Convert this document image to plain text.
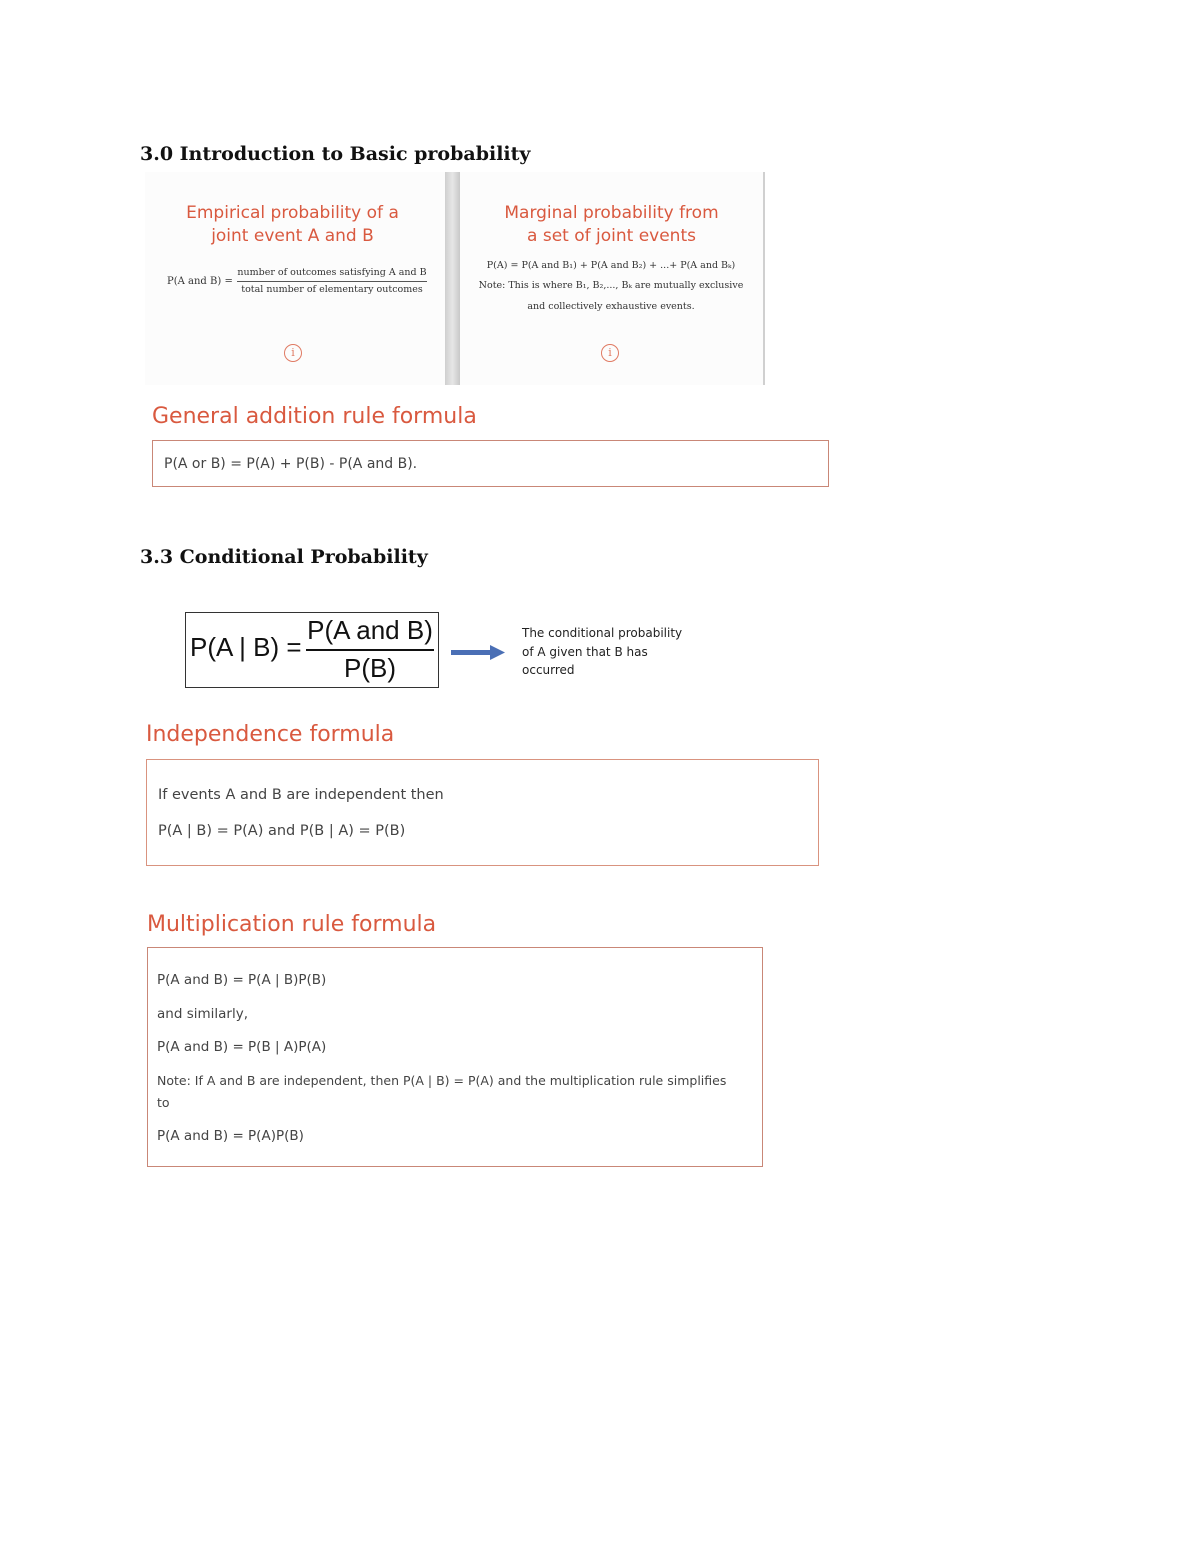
3.0 Introduction to Basic probability
Empirical probability of a
joint event A and B
P(A and B) =
number of outcomes satisfying A and B
total number of elementary outcomes
i
Marginal probability from
a set of joint events
P(A) = P(A and B₁) + P(A and B₂) + ...+ P(A and Bₖ)
Note: This is where B₁, B₂,..., Bₖ are mutually exclusive
and collectively exhaustive events.
i
General addition rule formula
P(A or B) = P(A) + P(B) - P(A and B).
3.3 Conditional Probability
P(A | B) =
P(A and B)
P(B)
The conditional probability
of A given that B has
occurred
Independence formula
If events A and B are independent then
P(A | B) = P(A) and P(B | A) = P(B)
Multiplication rule formula
P(A and B) = P(A | B)P(B)
and similarly,
P(A and B) = P(B | A)P(A)
Note: If A and B are independent, then P(A | B) = P(A) and the multiplication rule simplifies
to
P(A and B) = P(A)P(B)
